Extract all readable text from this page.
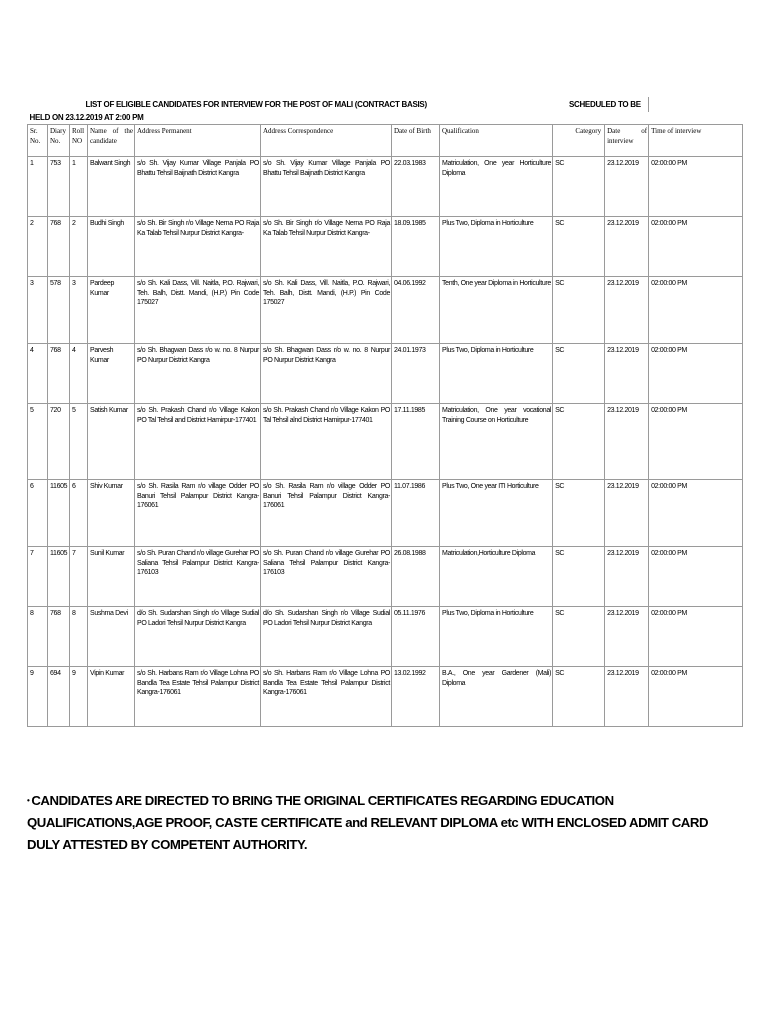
LIST OF ELIGIBLE CANDIDATES FOR INTERVIEW FOR THE POST OF MALI (CONTRACT BASIS)								SCHEDULED TO BE		
HELD ON 23.12.2019 AT 2:00 PM										
Sr. No.	Diary No.	Roll NO	Name of the candidate	Address Permanent	Address Correspondence	Date of Birth	Qualification	Category	Date of interview	Time of interview
1	753	1	Balwant Singh	s/o Sh. Vijay Kumar Village Panjala PO Bhattu Tehsil Baijnath District Kangra	s/o Sh. Vijay Kumar Village Panjala PO Bhattu Tehsil Baijnath District Kangra	22.03.1983	Matriculation, One year Horticulture Diploma	SC	23.12.2019	02:00:00 PM
2	768	2	Budhi Singh	s/o Sh. Bir Singh r/o Village Nerna PO Raja Ka Talab Tehsil Nurpur District Kangra-	s/o Sh. Bir Singh r/o Village Nerna PO Raja Ka Talab Tehsil Nurpur District Kangra-	18.09.1985	Plus Two, Diploma in Horticulture	SC	23.12.2019	02:00:00 PM
3	578	3	Pardeep Kumar	s/o Sh. Kali Dass, Vill. Naitla, P.O. Rajwari, Teh. Balh, Distt. Mandi, (H.P.) Pin Code 175027	s/o Sh. Kali Dass, Vill. Naitla, P.O. Rajwari, Teh. Balh, Distt. Mandi, (H.P.) Pin Code 175027	04.06.1992	Tenth, One year Diploma in Horticulture	SC	23.12.2019	02:00:00 PM
4	768	4	Parvesh Kumar	s/o Sh. Bhagwan Dass r/o w. no. 8 Nurpur PO Nurpur District Kangra	s/o Sh. Bhagwan Dass r/o w. no. 8 Nurpur PO Nurpur District Kangra	24.01.1973	Plus Two, Diploma in Horticulture	SC	23.12.2019	02:00:00 PM
5	720	5	Satish Kumar	s/o Sh. Prakash Chand r/o Village Kakon PO Tal Tehsil and District Hamirpur-177401	s/o Sh. Prakash Chand r/o Village Kakon PO Tal Tehsil alnd District Hamirpur-177401	17.11.1985	Matriculation, One year vocational Training Course on Horticulture	SC	23.12.2019	02:00:00 PM
6	11605	6	Shiv Kumar	s/o Sh. Rasila Ram r/o village Odder PO Banuri Tehsil Palampur District Kangra-176061	s/o Sh. Rasila Ram r/o village Odder PO Banuri Tehsil Palampur District Kangra-176061	11.07.1986	Plus Two, One year ITI Horticulture	SC	23.12.2019	02:00:00 PM
7	11605	7	Sunil Kumar	s/o Sh. Puran Chand r/o village Gurehar PO Saliana Tehsil Palampur District Kangra-176103	s/o Sh. Puran Chand r/o village Gurehar PO Saliana Tehsil Palampur District Kangra-176103	26.08.1988	Matriculation,Horticulture Diploma	SC	23.12.2019	02:00:00 PM
8	768	8	Sushma Devi	d/o Sh. Sudarshan Singh r/o Village Sudial PO Ladori Tehsil Nurpur District Kangra	d/o Sh. Sudarshan Singh r/o Village Sudial PO Ladori Tehsil Nurpur District Kangra	05.11.1976	Plus Two, Diploma in Horticulture	SC	23.12.2019	02:00:00 PM
9	694	9	Vipin Kumar	s/o Sh. Harbans Ram r/o Village Lohna PO Bandla Tea Estate Tehsil Palampur District Kangra-176061	s/o Sh. Harbans Ram r/o Village Lohna PO Bandla Tea Estate Tehsil Palampur District Kangra-176061	13.02.1992	B.A., One year Gardener (Mali) Diploma	SC	23.12.2019	02:00:00 PM
• CANDIDATES ARE DIRECTED TO BRING THE ORIGINAL CERTIFICATES REGARDING EDUCATION QUALIFICATIONS,AGE PROOF, CASTE CERTIFICATE and RELEVANT DIPLOMA etc WITH ENCLOSED ADMIT CARD DULY ATTESTED BY COMPETENT AUTHORITY.
